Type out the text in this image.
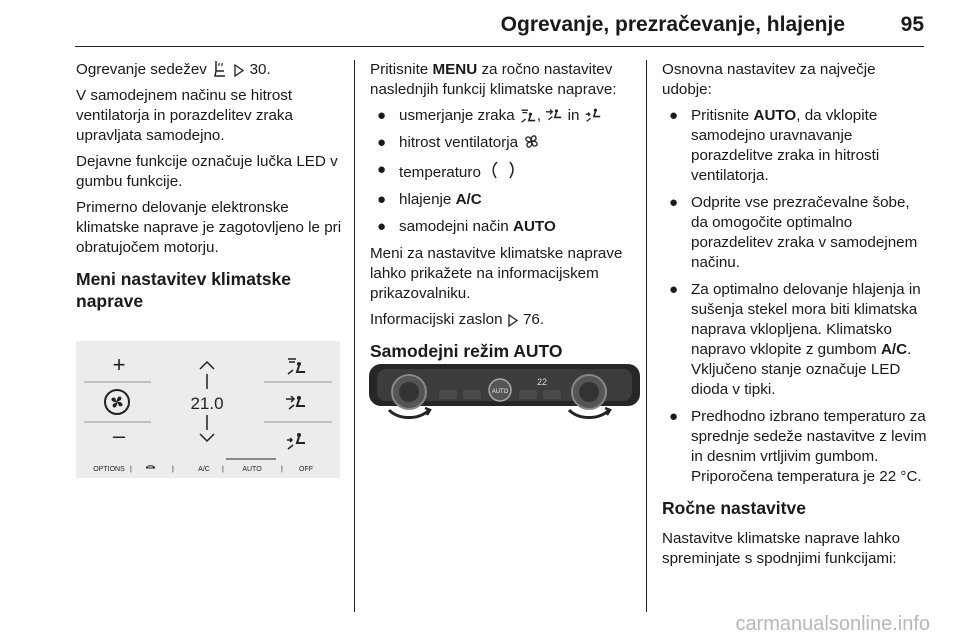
Ogrevanje, prezračevanje, hlajenje	95

Ogrevanje sedežev	30.

V samodejnem načinu se hitrost ventilatorja in porazdelitev zraka upravljata samodejno.

Dejavne funkcije označuje lučka LED v gumbu funkcije.

Primerno delovanje elektronske klimatske naprave je zagotovljeno le pri obratujočem motorju.

Meni nastavitev klimatske naprave
+
–
21.0
OPTIONS |	|	A/C |	AUTO	| OFF

Pritisnite MENU za ročno nastavitev naslednjih funkcij klimatske naprave:

● usmerjanje zraka , in
● hitrost ventilatorja
● temperaturo
● hlajenje A/C
● samodejni način AUTO

Meni za nastavitve klimatske naprave lahko prikažete na informacijskem prikazovalniku.

Informacijski zaslon 76.

Samodejni režim AUTO
AUTO
22

Osnovna nastavitev za največje udobje:

● Pritisnite AUTO, da vklopite samodejno uravnavanje porazdelitve zraka in hitrosti ventilatorja.
● Odprite vse prezračevalne šobe, da omogočite optimalno porazdelitev zraka v samodejnem načinu.
● Za optimalno delovanje hlajenja in sušenja stekel mora biti klimatska naprava vklopljena. Klimatsko napravo vklopite z gumbom A/C. Vključeno stanje označuje LED dioda v tipki.
● Predhodno izbrano temperaturo za sprednje sedeže nastavitve z levim in desnim vrtljivim gumbom. Priporočena temperatura je 22 °C.
Ročne nastavitve

Nastavitve klimatske naprave lahko spreminjate s spodnjimi funkcijami:

carmanualsonline.info
